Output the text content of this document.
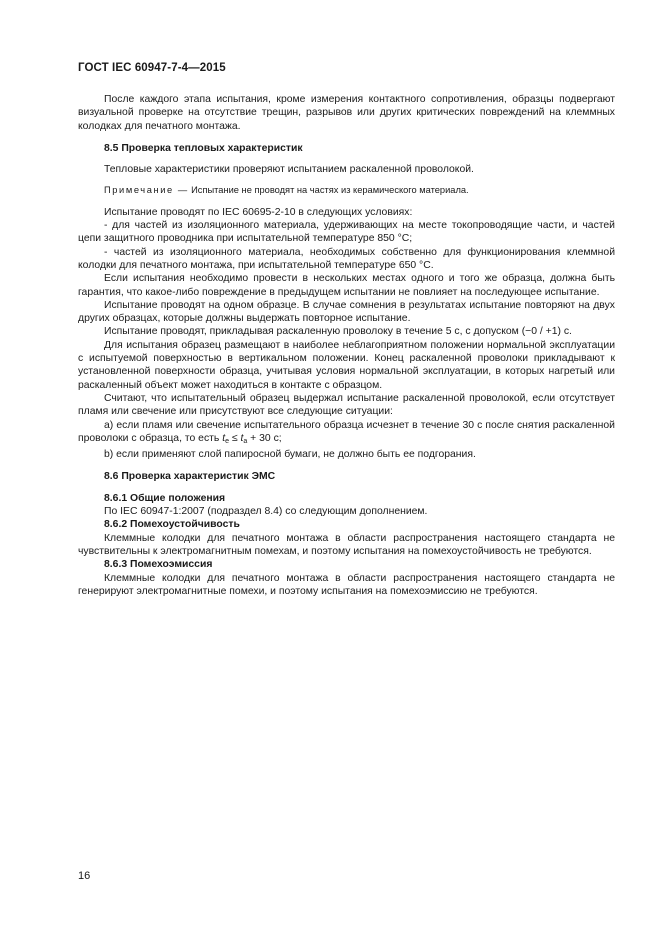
ГОСТ IEC 60947-7-4—2015

После каждого этапа испытания, кроме измерения контактного сопротивления, образцы подвергают визуальной проверке на отсутствие трещин, разрывов или других критических повреждений на клеммных колодках для печатного монтажа.

8.5 Проверка тепловых характеристик

Тепловые характеристики проверяют испытанием раскаленной проволокой.

Примечание — Испытание не проводят на частях из керамического материала.

Испытание проводят по IEC 60695-2-10 в следующих условиях:

- для частей из изоляционного материала, удерживающих на месте токопроводящие части, и частей цепи защитного проводника при испытательной температуре 850 °С;

- частей из изоляционного материала, необходимых собственно для функционирования клеммной колодки для печатного монтажа, при испытательной температуре 650 °С.

Если испытания необходимо провести в нескольких местах одного и того же образца, должна быть гарантия, что какое-либо повреждение в предыдущем испытании не повлияет на последующее испытание.

Испытание проводят на одном образце. В случае сомнения в результатах испытание повторяют на двух других образцах, которые должны выдержать повторное испытание.

Испытание проводят, прикладывая раскаленную проволоку в течение 5 с, с допуском (−0 / +1) с.

Для испытания образец размещают в наиболее неблагоприятном положении нормальной эксплуатации с испытуемой поверхностью в вертикальном положении. Конец раскаленной проволоки прикладывают к установленной поверхности образца, учитывая условия нормальной эксплуатации, в которых нагретый или раскаленный объект может находиться в контакте с образцом.

Считают, что испытательный образец выдержал испытание раскаленной проволокой, если отсутствует пламя или свечение или присутствуют все следующие ситуации:

а) если пламя или свечение испытательного образца исчезнет в течение 30 с после снятия раскаленной проволоки с образца, то есть $t_e \le t_a + 30$ с;

b) если применяют слой папиросной бумаги, не должно быть ее подгорания.

8.6 Проверка характеристик ЭМС

8.6.1 Общие положения

По IEC 60947-1:2007 (подраздел 8.4) со следующим дополнением.

8.6.2 Помехоустойчивость

Клеммные колодки для печатного монтажа в области распространения настоящего стандарта не чувствительны к электромагнитным помехам, и поэтому испытания на помехоустойчивость не требуются.

8.6.3 Помехоэмиссия

Клеммные колодки для печатного монтажа в области распространения настоящего стандарта не генерируют электромагнитные помехи, и поэтому испытания на помехоэмиссию не требуются.

16
